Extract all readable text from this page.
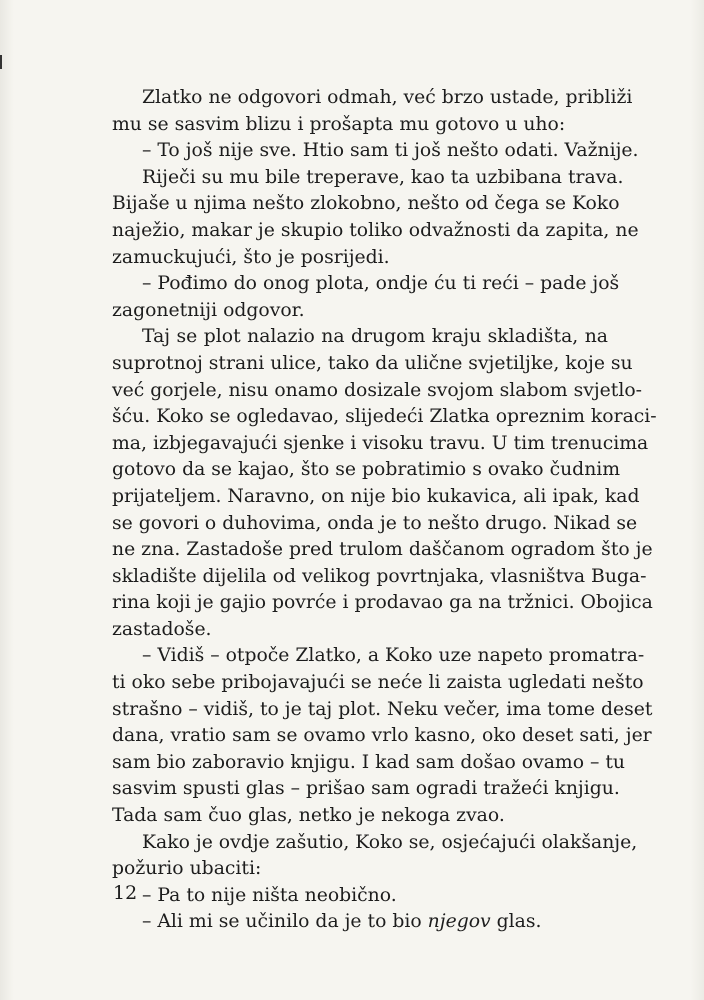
Zlatko ne odgovori odmah, već brzo ustade, približi
mu se sasvim blizu i prošapta mu gotovo u uho:
– To još nije sve. Htio sam ti još nešto odati. Važnije.
Riječi su mu bile treperave, kao ta uzbibana trava.
Bijaše u njima nešto zlokobno, nešto od čega se Koko
naježio, makar je skupio toliko odvažnosti da zapita, ne
zamuckujući, što je posrijedi.
– Pođimo do onog plota, ondje ću ti reći – pade još
zagonetniji odgovor.
Taj se plot nalazio na drugom kraju skladišta, na
suprotnoj strani ulice, tako da ulične svjetiljke, koje su
već gorjele, nisu onamo dosizale svojom slabom svjetlo-
šću. Koko se ogledavao, slijedeći Zlatka opreznim koraci-
ma, izbjegavajući sjenke i visoku travu. U tim trenucima
gotovo da se kajao, što se pobratimio s ovako čudnim
prijateljem. Naravno, on nije bio kukavica, ali ipak, kad
se govori o duhovima, onda je to nešto drugo. Nikad se
ne zna. Zastadoše pred trulom daščanom ogradom što je
skladište dijelila od velikog povrtnjaka, vlasništva Buga-
rina koji je gajio povrće i prodavao ga na tržnici. Obojica
zastadoše.
– Vidiš – otpoče Zlatko, a Koko uze napeto promatra-
ti oko sebe pribojavajući se neće li zaista ugledati nešto
strašno – vidiš, to je taj plot. Neku večer, ima tome deset
dana, vratio sam se ovamo vrlo kasno, oko deset sati, jer
sam bio zaboravio knjigu. I kad sam došao ovamo – tu
sasvim spusti glas – prišao sam ogradi tražeći knjigu.
Tada sam čuo glas, netko je nekoga zvao.
Kako je ovdje zašutio, Koko se, osjećajući olakšanje,
požurio ubaciti:
– Pa to nije ništa neobično.
– Ali mi se učinilo da je to bio njegov glas.
12
